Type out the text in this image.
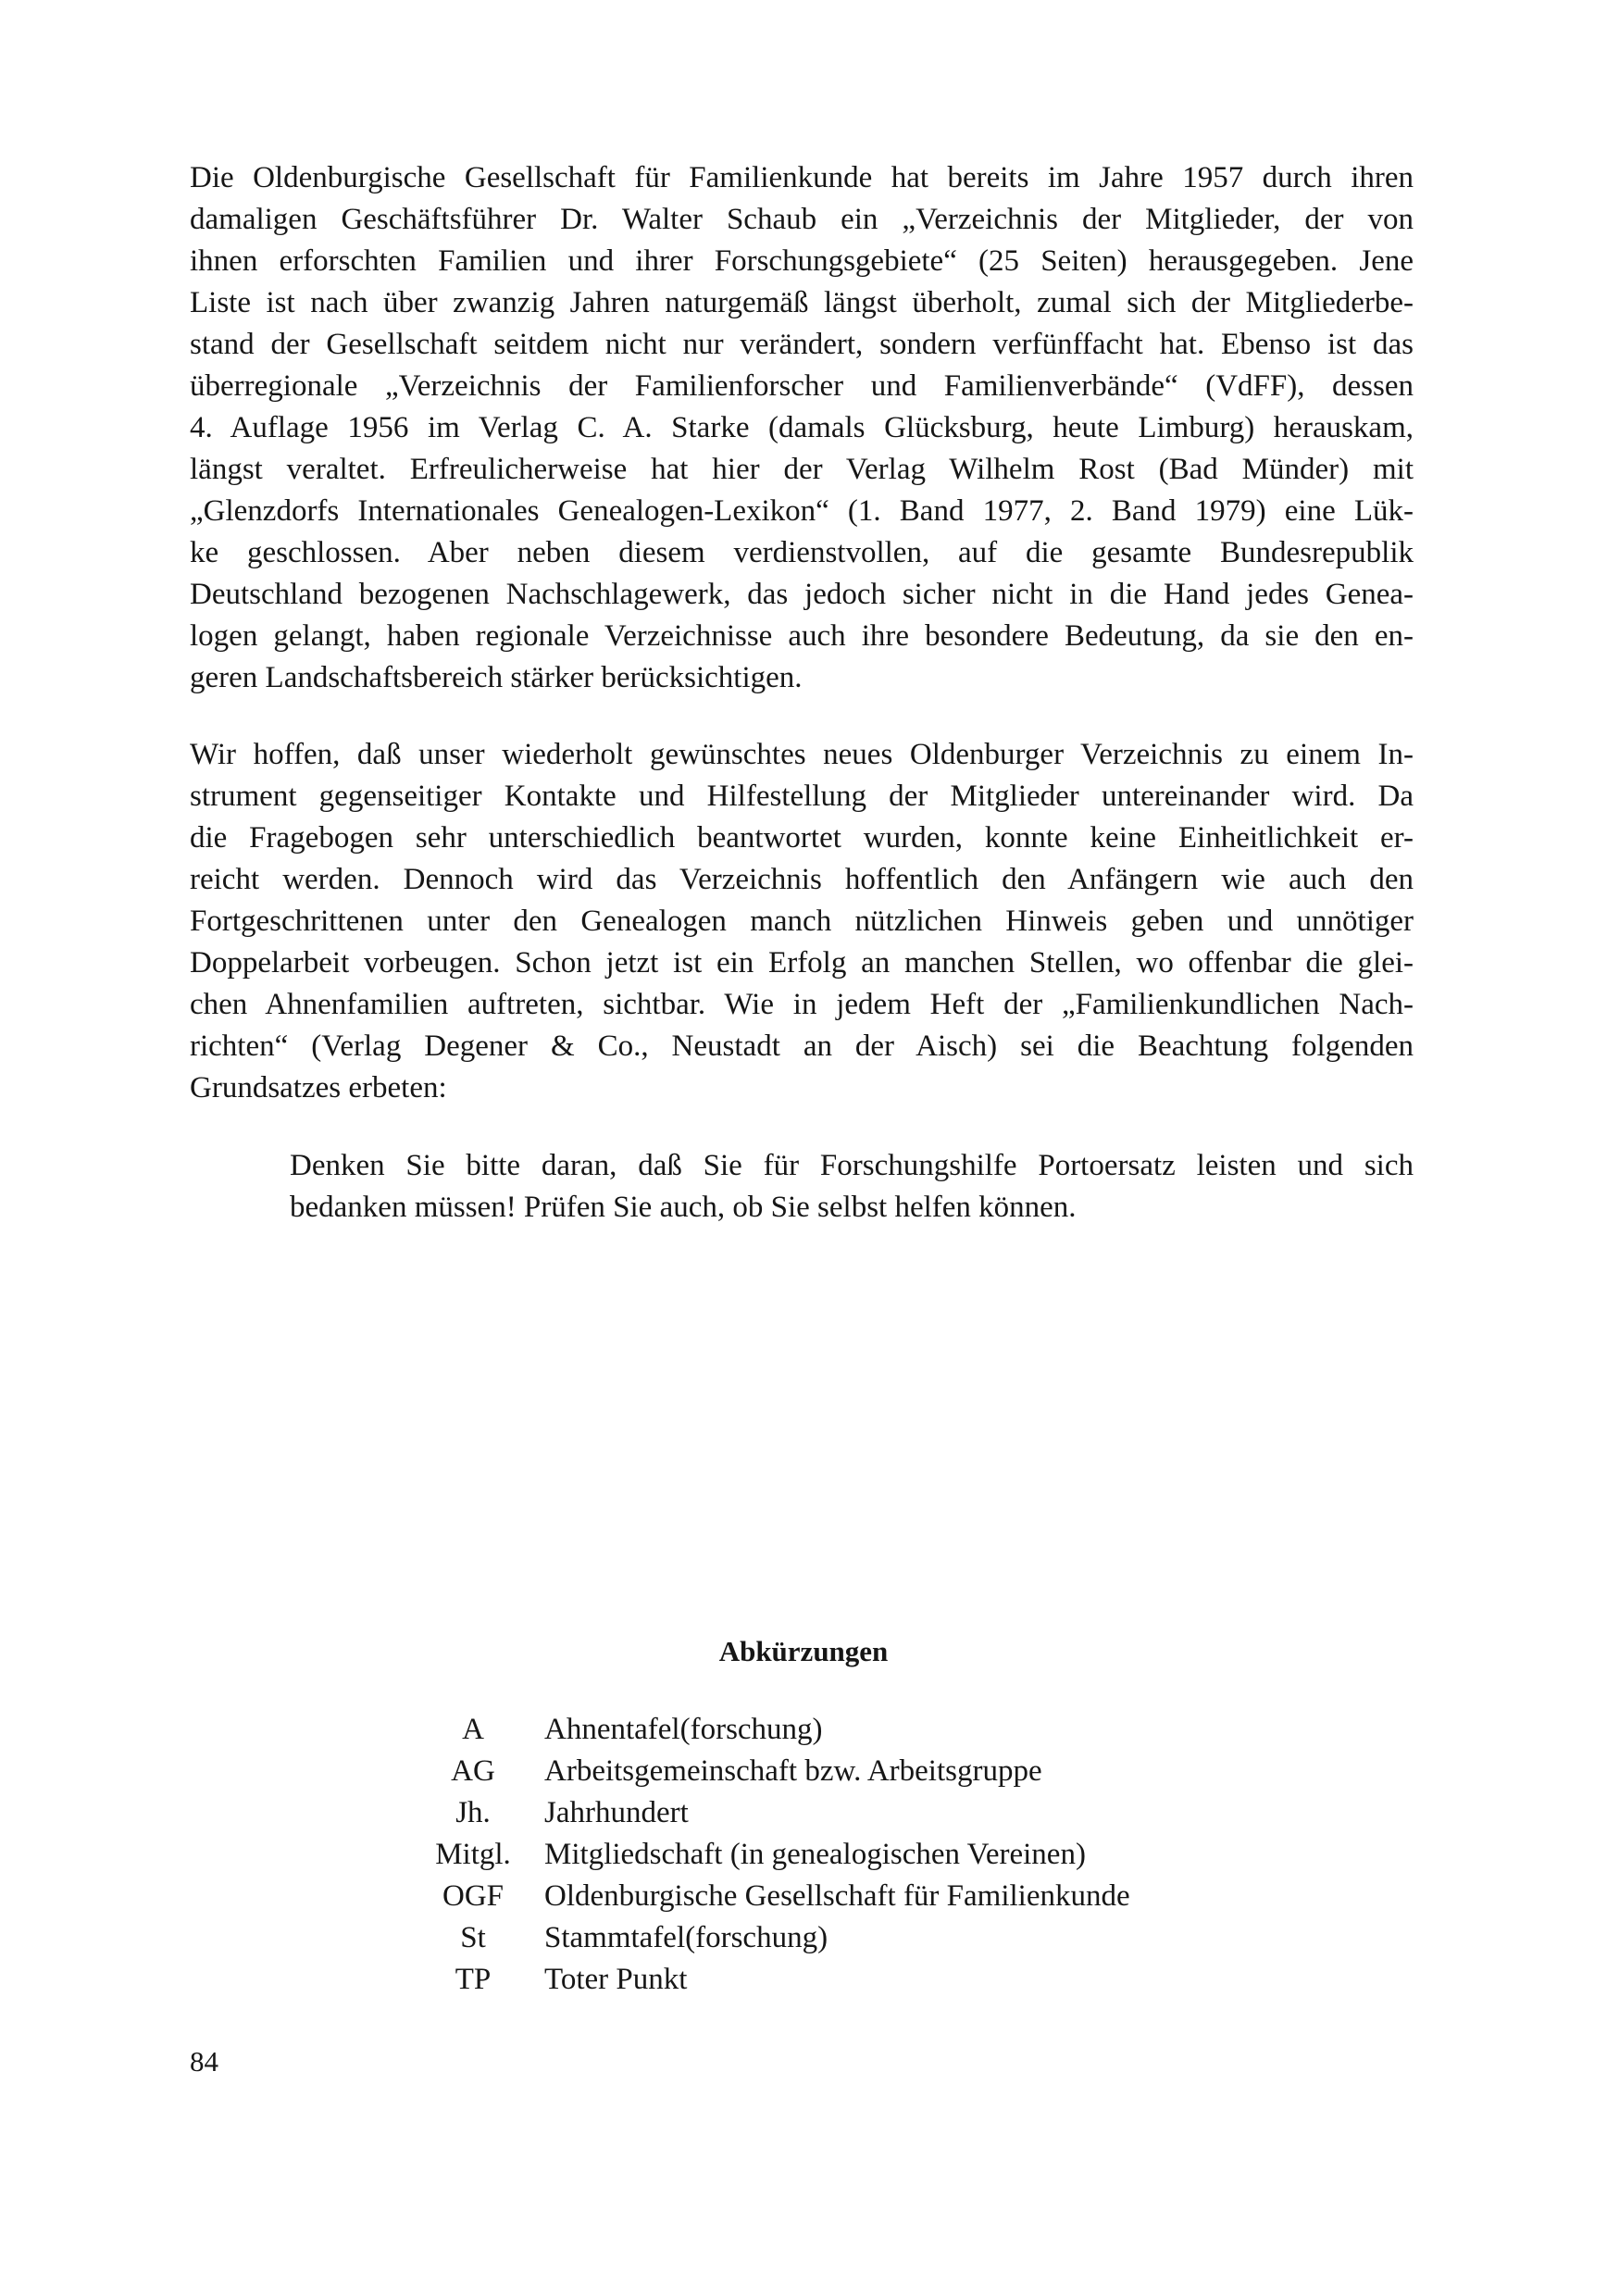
Die Oldenburgische Gesellschaft für Familienkunde hat bereits im Jahre 1957 durch ihren
damaligen Geschäftsführer Dr. Walter Schaub ein „Verzeichnis der Mitglieder, der von
ihnen erforschten Familien und ihrer Forschungsgebiete“ (25 Seiten) herausgegeben. Jene
Liste ist nach über zwanzig Jahren naturgemäß längst überholt, zumal sich der Mitgliederbe-
stand der Gesellschaft seitdem nicht nur verändert, sondern verfünffacht hat. Ebenso ist das
überregionale „Verzeichnis der Familienforscher und Familienverbände“ (VdFF), dessen
4. Auflage 1956 im Verlag C. A. Starke (damals Glücksburg, heute Limburg) herauskam,
längst veraltet. Erfreulicherweise hat hier der Verlag Wilhelm Rost (Bad Münder) mit
„Glenzdorfs Internationales Genealogen-Lexikon“ (1. Band 1977, 2. Band 1979) eine Lük-
ke geschlossen. Aber neben diesem verdienstvollen, auf die gesamte Bundesrepublik
Deutschland bezogenen Nachschlagewerk, das jedoch sicher nicht in die Hand jedes Genea-
logen gelangt, haben regionale Verzeichnisse auch ihre besondere Bedeutung, da sie den en-
geren Landschaftsbereich stärker berücksichtigen.

Wir hoffen, daß unser wiederholt gewünschtes neues Oldenburger Verzeichnis zu einem In-
strument gegenseitiger Kontakte und Hilfestellung der Mitglieder untereinander wird. Da
die Fragebogen sehr unterschiedlich beantwortet wurden, konnte keine Einheitlichkeit er-
reicht werden. Dennoch wird das Verzeichnis hoffentlich den Anfängern wie auch den
Fortgeschrittenen unter den Genealogen manch nützlichen Hinweis geben und unnötiger
Doppelarbeit vorbeugen. Schon jetzt ist ein Erfolg an manchen Stellen, wo offenbar die glei-
chen Ahnenfamilien auftreten, sichtbar. Wie in jedem Heft der „Familienkundlichen Nach-
richten“ (Verlag Degener & Co., Neustadt an der Aisch) sei die Beachtung folgenden
Grundsatzes erbeten:

Denken Sie bitte daran, daß Sie für Forschungshilfe Portoersatz leisten und sich
bedanken müssen! Prüfen Sie auch, ob Sie selbst helfen können.

Abkürzungen
A	Ahnentafel(forschung)
AG	Arbeitsgemeinschaft bzw. Arbeitsgruppe
Jh.	Jahrhundert
Mitgl.	Mitgliedschaft (in genealogischen Vereinen)
OGF	Oldenburgische Gesellschaft für Familienkunde
St	Stammtafel(forschung)
TP	Toter Punkt

84
